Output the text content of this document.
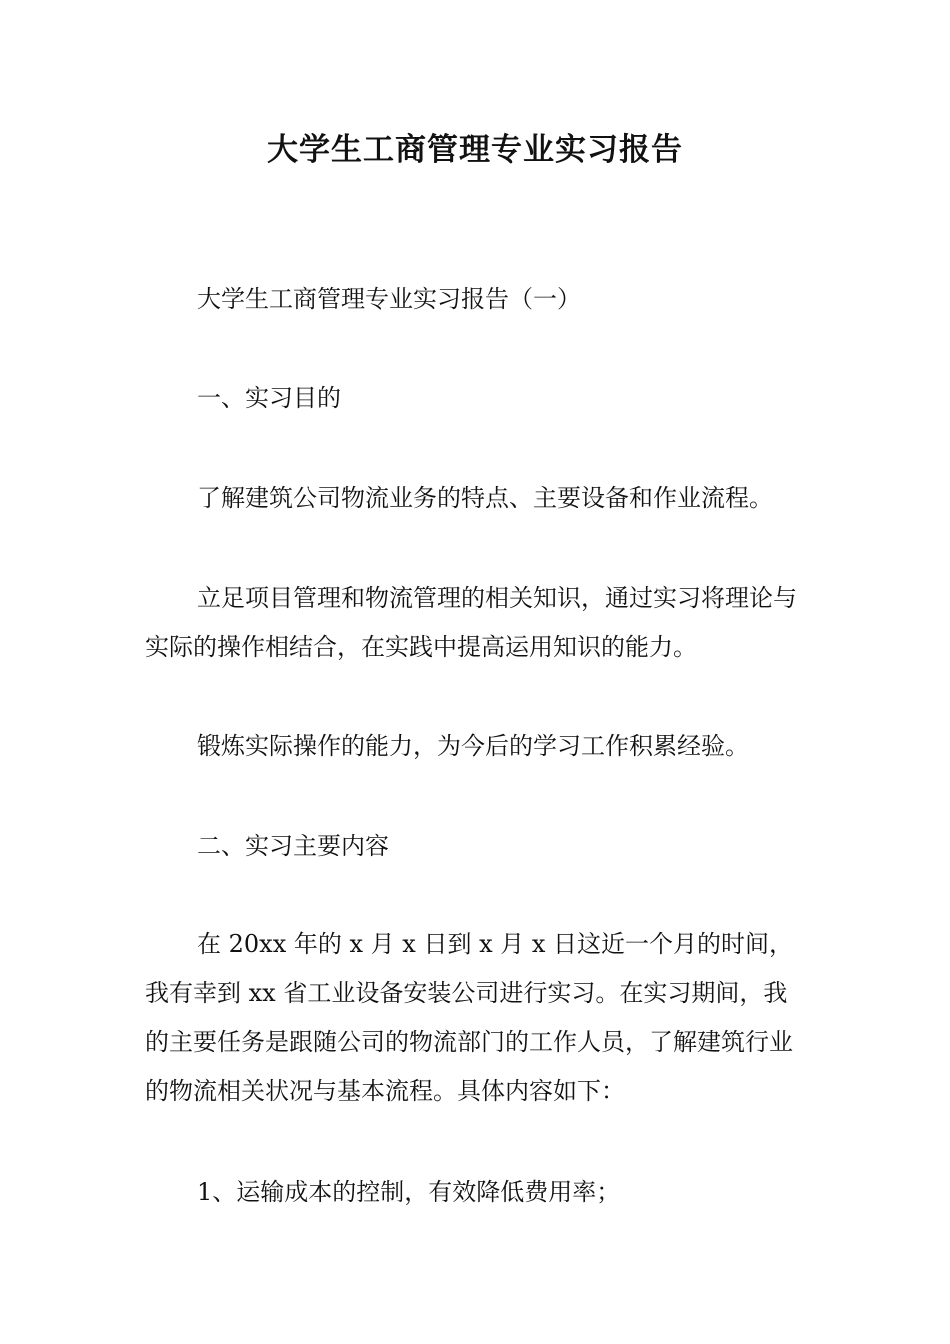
大学生工商管理专业实习报告

大学生工商管理专业实习报告（一）

一、实习目的

了解建筑公司物流业务的特点、主要设备和作业流程。

立足项目管理和物流管理的相关知识，通过实习将理论与实际的操作相结合，在实践中提高运用知识的能力。

锻炼实际操作的能力，为今后的学习工作积累经验。

二、实习主要内容

在 20xx 年的 x 月 x 日到 x 月 x 日这近一个月的时间，我有幸到 xx 省工业设备安装公司进行实习。在实习期间，我的主要任务是跟随公司的物流部门的工作人员，了解建筑行业的物流相关状况与基本流程。具体内容如下：

1、运输成本的控制，有效降低费用率；
